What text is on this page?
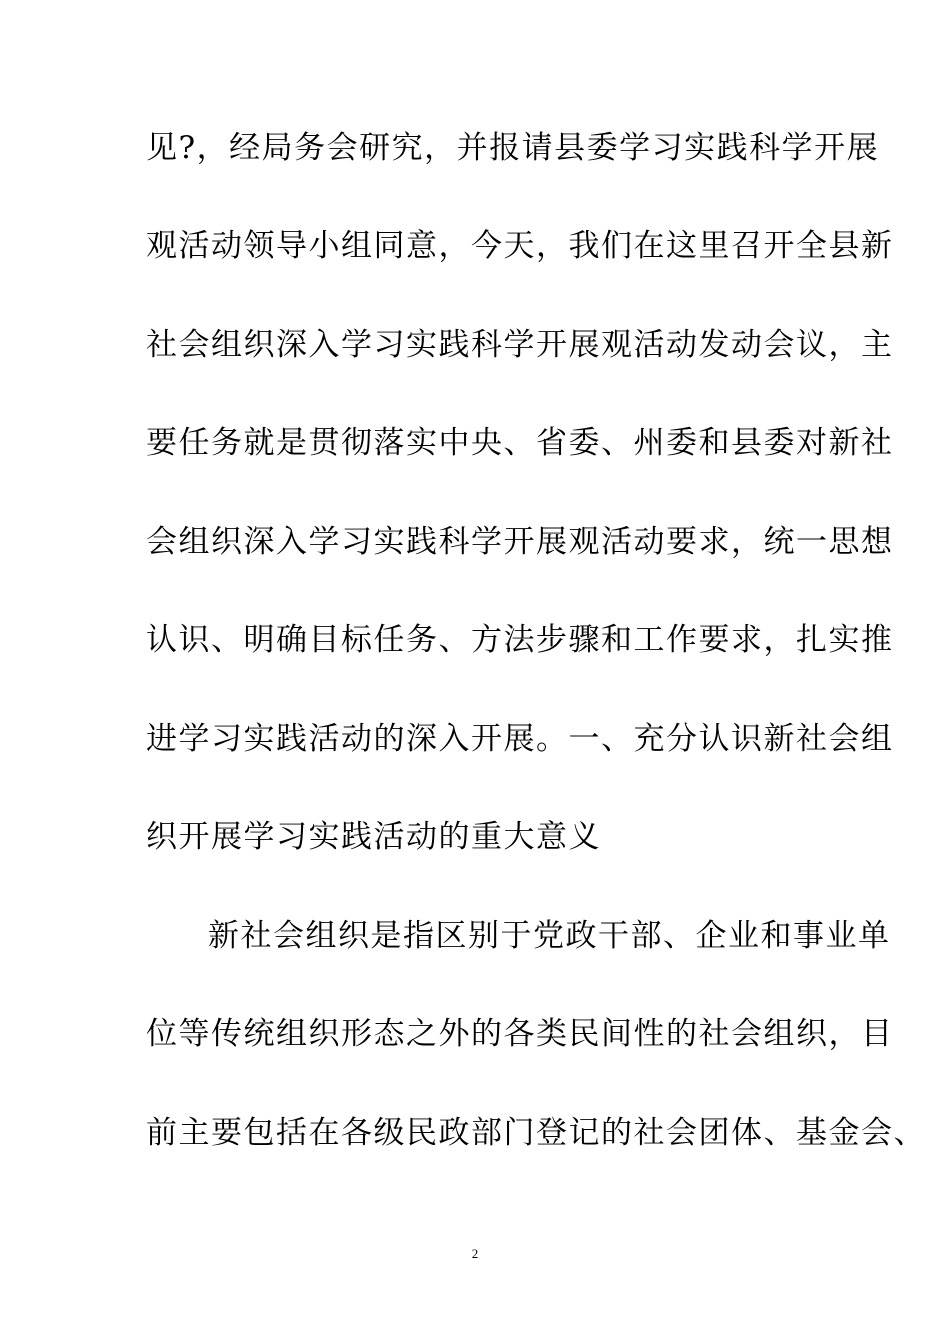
见?，经局务会研究，并报请县委学习实践科学开展
观活动领导小组同意，今天，我们在这里召开全县新
社会组织深入学习实践科学开展观活动发动会议，主
要任务就是贯彻落实中央、省委、州委和县委对新社
会组织深入学习实践科学开展观活动要求，统一思想
认识、明确目标任务、方法步骤和工作要求，扎实推
进学习实践活动的深入开展。一、充分认识新社会组
织开展学习实践活动的重大意义
新社会组织是指区别于党政干部、企业和事业单
位等传统组织形态之外的各类民间性的社会组织，目
前主要包括在各级民政部门登记的社会团体、基金会、
2
